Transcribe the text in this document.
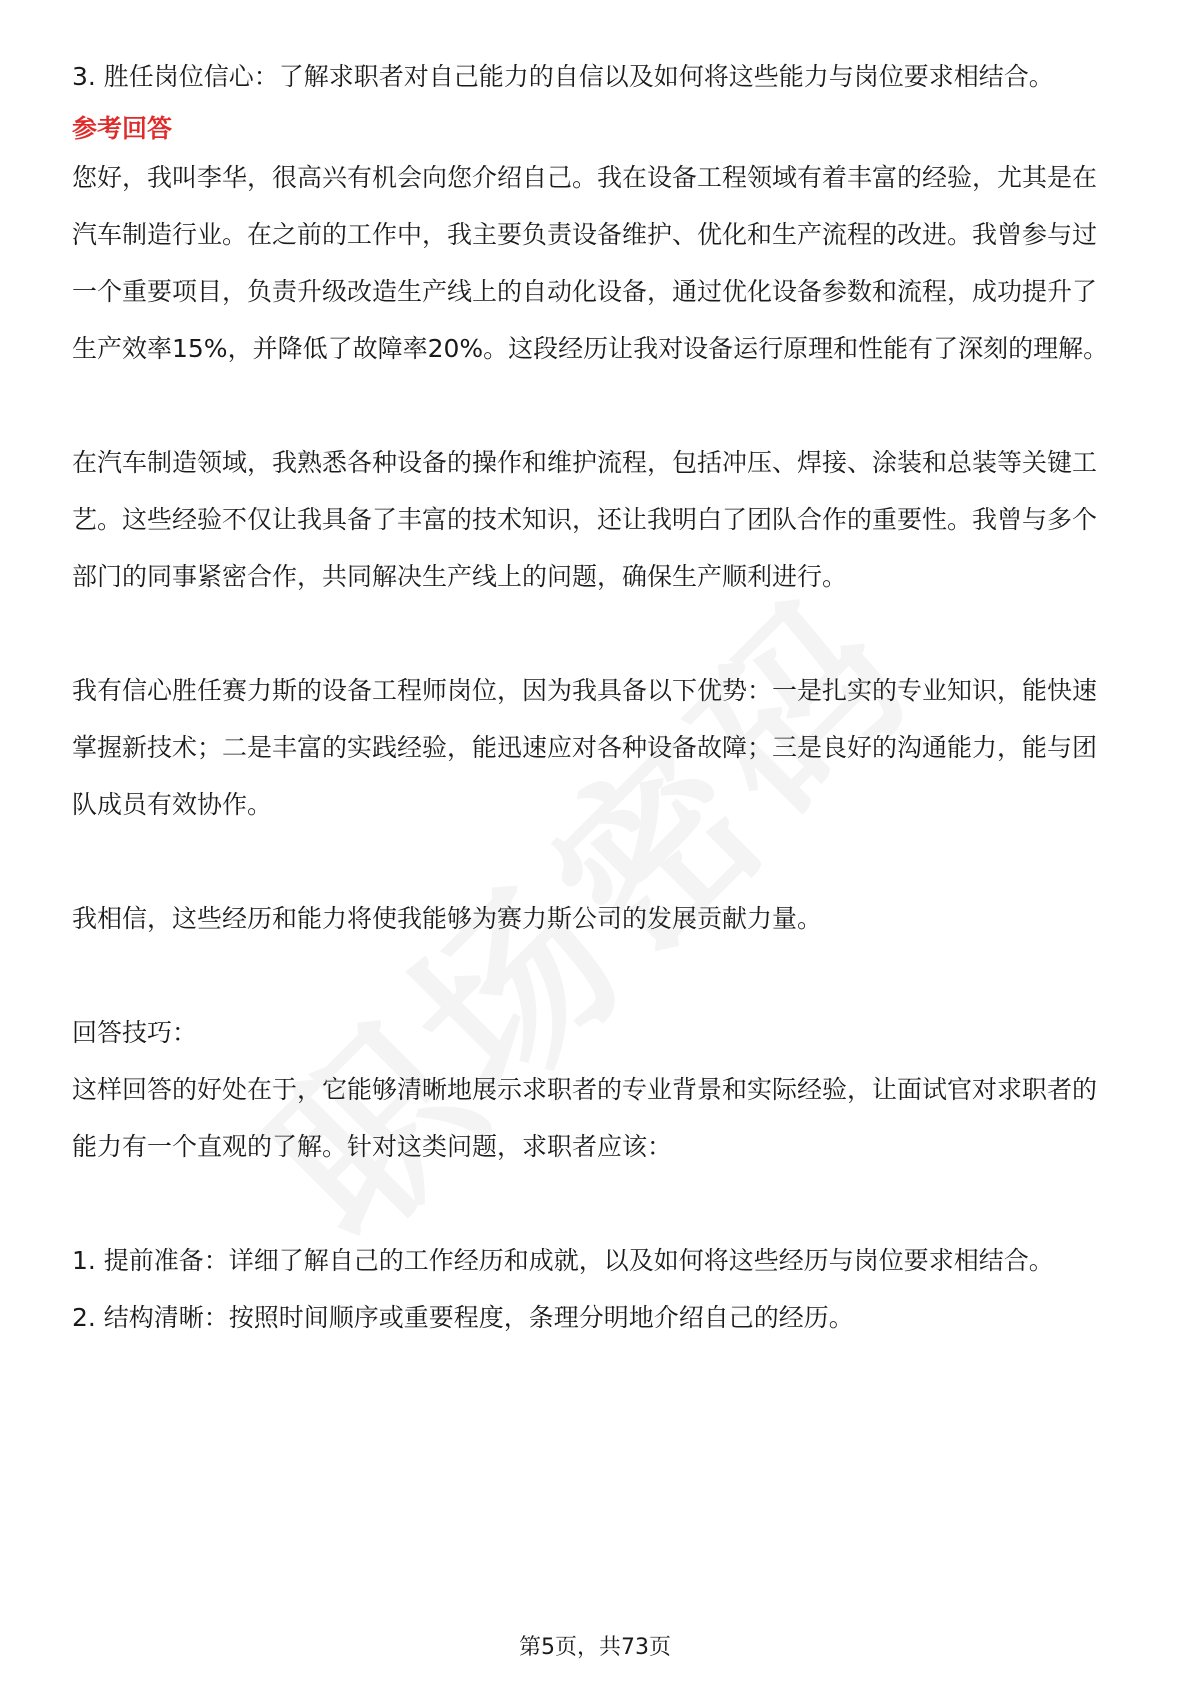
3. 胜任岗位信心：了解求职者对自己能力的自信以及如何将这些能力与岗位要求相结合。

参考回答

您好，我叫李华，很高兴有机会向您介绍自己。我在设备工程领域有着丰富的经验，尤其是在汽车制造行业。在之前的工作中，我主要负责设备维护、优化和生产流程的改进。我曾参与过一个重要项目，负责升级改造生产线上的自动化设备，通过优化设备参数和流程，成功提升了生产效率15%，并降低了故障率20%。这段经历让我对设备运行原理和性能有了深刻的理解。

在汽车制造领域，我熟悉各种设备的操作和维护流程，包括冲压、焊接、涂装和总装等关键工艺。这些经验不仅让我具备了丰富的技术知识，还让我明白了团队合作的重要性。我曾与多个部门的同事紧密合作，共同解决生产线上的问题，确保生产顺利进行。

我有信心胜任赛力斯的设备工程师岗位，因为我具备以下优势：一是扎实的专业知识，能快速掌握新技术；二是丰富的实践经验，能迅速应对各种设备故障；三是良好的沟通能力，能与团队成员有效协作。

我相信，这些经历和能力将使我能够为赛力斯公司的发展贡献力量。

回答技巧：

这样回答的好处在于，它能够清晰地展示求职者的专业背景和实际经验，让面试官对求职者的能力有一个直观的了解。针对这类问题，求职者应该：

1. 提前准备：详细了解自己的工作经历和成就，以及如何将这些经历与岗位要求相结合。

2. 结构清晰：按照时间顺序或重要程度，条理分明地介绍自己的经历。

第5页，共73页
